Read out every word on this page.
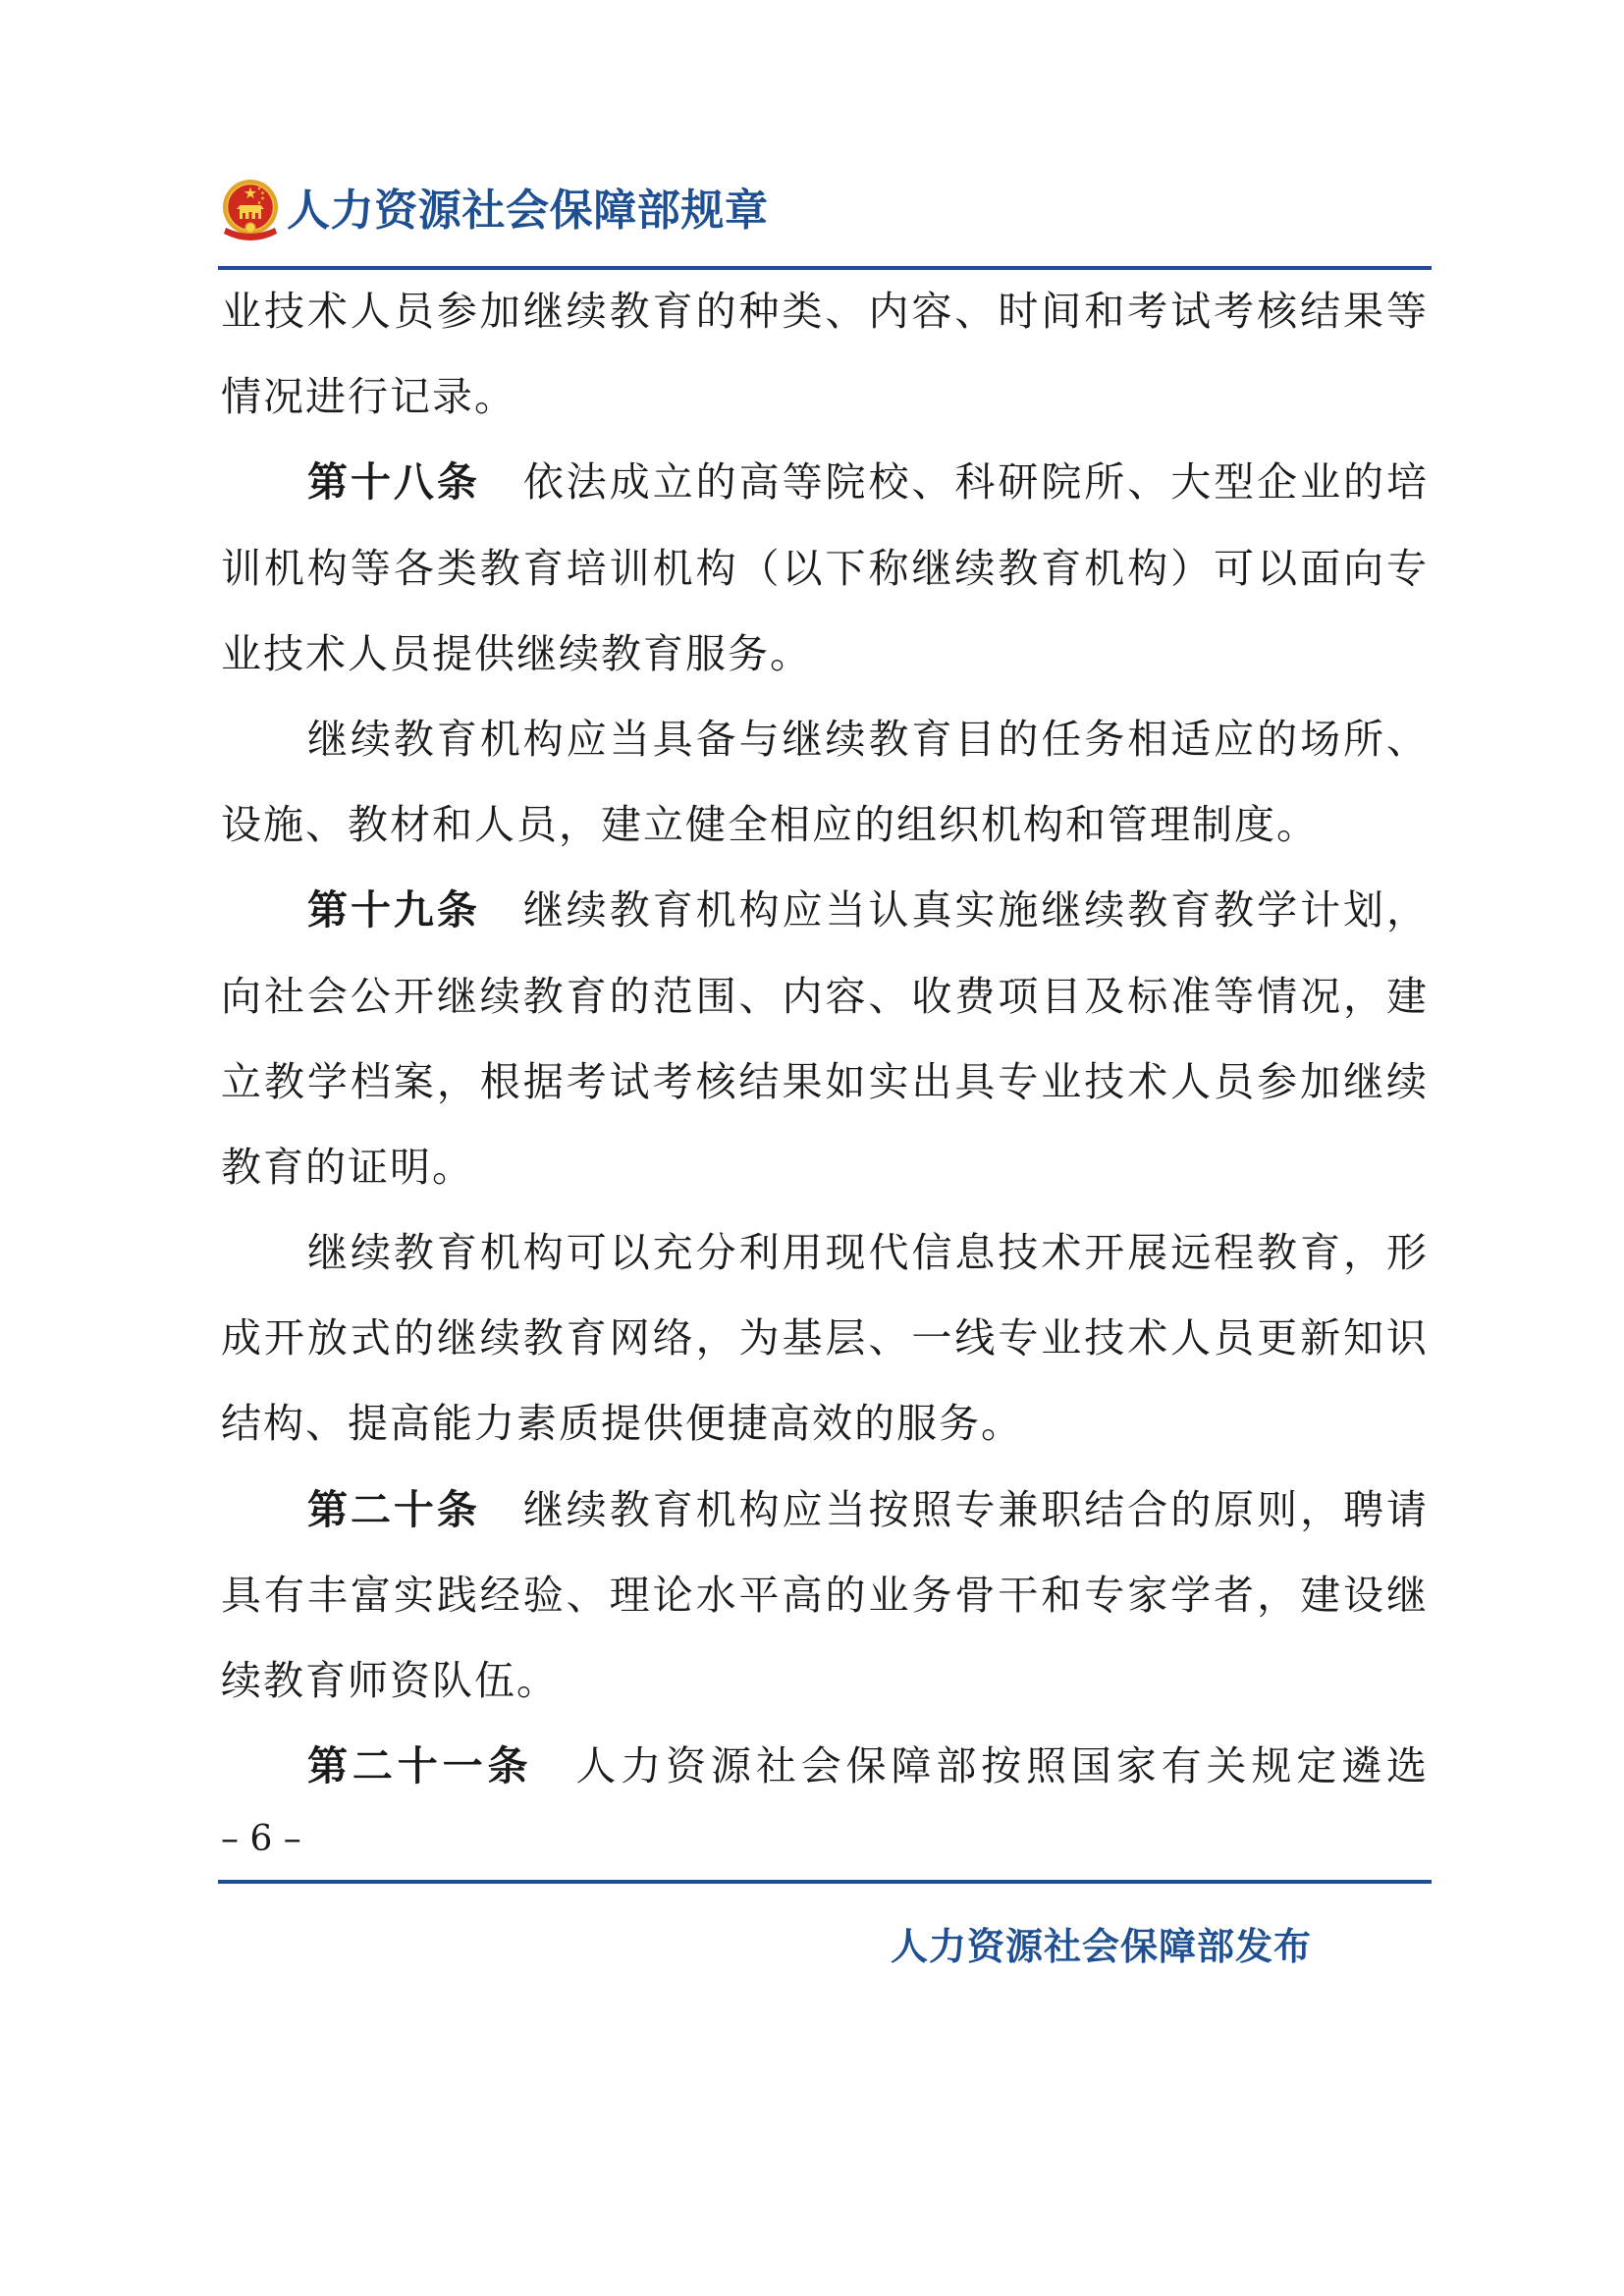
人力资源社会保障部规章
业技术人员参加继续教育的种类、内容、时间和考试考核结果等
情况进行记录。
第十八条 依法成立的高等院校、科研院所、大型企业的培
训机构等各类教育培训机构（以下称继续教育机构）可以面向专
业技术人员提供继续教育服务。
继续教育机构应当具备与继续教育目的任务相适应的场所、
设施、教材和人员，建立健全相应的组织机构和管理制度。
第十九条 继续教育机构应当认真实施继续教育教学计划，
向社会公开继续教育的范围、内容、收费项目及标准等情况，建
立教学档案，根据考试考核结果如实出具专业技术人员参加继续
教育的证明。
继续教育机构可以充分利用现代信息技术开展远程教育，形
成开放式的继续教育网络，为基层、一线专业技术人员更新知识
结构、提高能力素质提供便捷高效的服务。
第二十条 继续教育机构应当按照专兼职结合的原则，聘请
具有丰富实践经验、理论水平高的业务骨干和专家学者，建设继
续教育师资队伍。
第二十一条 人力资源社会保障部按照国家有关规定遴选
– 6 –
人力资源社会保障部发布
